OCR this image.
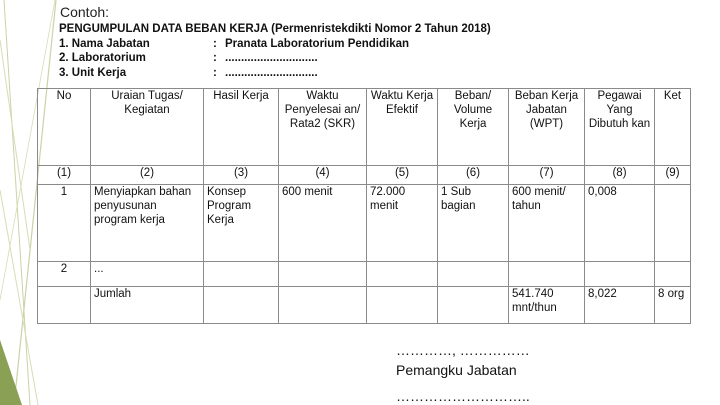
Contoh:
PENGUMPULAN DATA BEBAN KERJA (Permenristekdikti Nomor 2 Tahun 2018)
1. Nama Jabatan	: Pranata Laboratorium Pendidikan
2. Laboratorium	: .............................
3. Unit Kerja	: .............................
No	Uraian Tugas/ Kegiatan	Hasil Kerja	Waktu Penyelesai an/ Rata2 (SKR)	Waktu Kerja Efektif	Beban/ Volume Kerja	Beban Kerja Jabatan (WPT)	Pegawai Yang Dibutuh kan	Ket
(1)	(2)	(3)	(4)	(5)	(6)	(7)	(8)	(9)
1	Menyiapkan bahan penyusunan program kerja	Konsep Program Kerja	600 menit	72.000 menit	1 Sub bagian	600 menit/ tahun	0,008	
2	...							
	Jumlah					541.740 mnt/thun	8,022	8 org
…………, ……………
Pemangku Jabatan
………………………..
